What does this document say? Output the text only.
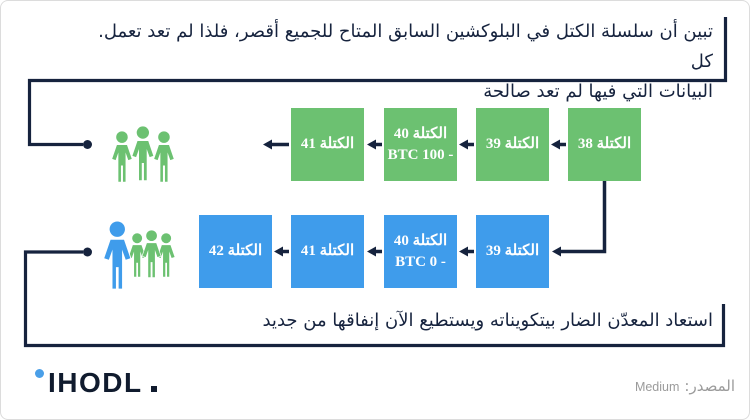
تبين أن سلسلة الكتل في البلوكشين السابق المتاح للجميع أقصر، فلذا لم تعد تعمل. كل
البيانات التي فيها لم تعد صالحة
الكتلة 38
الكتلة 39
الكتلة 40
- 100 BTC
الكتلة 41
الكتلة 39
الكتلة 40
- 0 BTC
الكتلة 41
الكتلة 42
استعاد المعدّن الضار بيتكويناته ويستطيع الآن إنفاقها من جديد
IHODL	المصدر:
Medium
